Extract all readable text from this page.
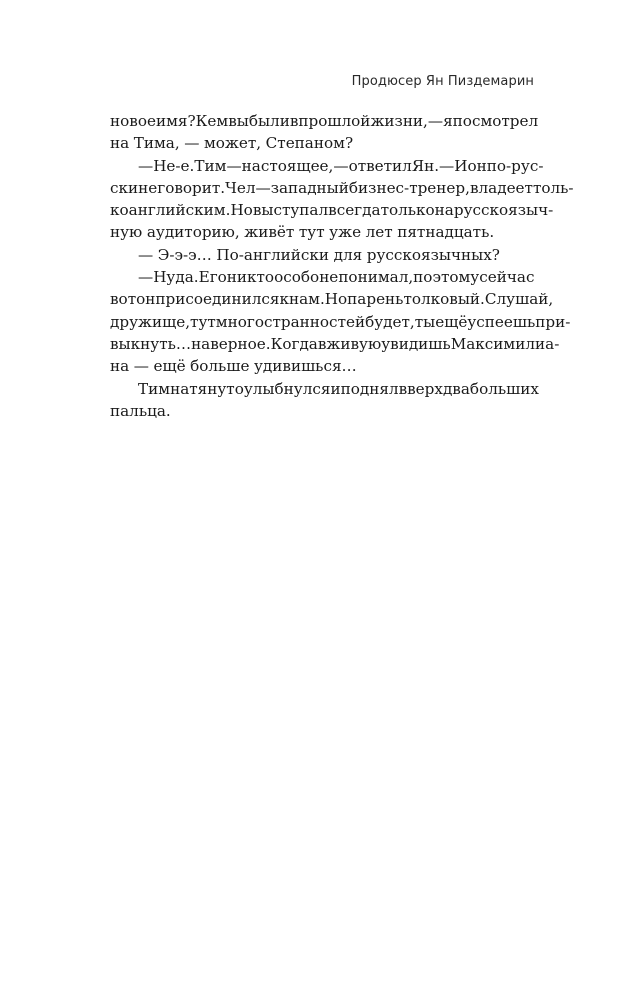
Продюсер Ян Пиздемарин
новое имя? Кем вы были в прошлой жизни, — я посмотрел
на Тима, — может, Степаном?
— Не-е. Тим — настоящее, — ответил Ян. — И он по-рус-
ски не говорит. Чел — западный бизнес-тренер, владеет толь-
ко английским. Но выступал всегда только на русскоязыч-
ную аудиторию, живёт тут уже лет пятнадцать.
— Э-э-э… По-английски для русскоязычных?
— Ну да. Его никто особо не понимал, поэтому сейчас
вот он присоединился к нам. Но парень толковый. Слушай,
дружище, тут много странностей будет, ты ещё успеешь при-
выкнуть… наверное. Когда вживую увидишь Максимилиа-
на — ещё больше удивишься…
Тим натянуто улыбнулся и поднял вверх два больших
пальца.
